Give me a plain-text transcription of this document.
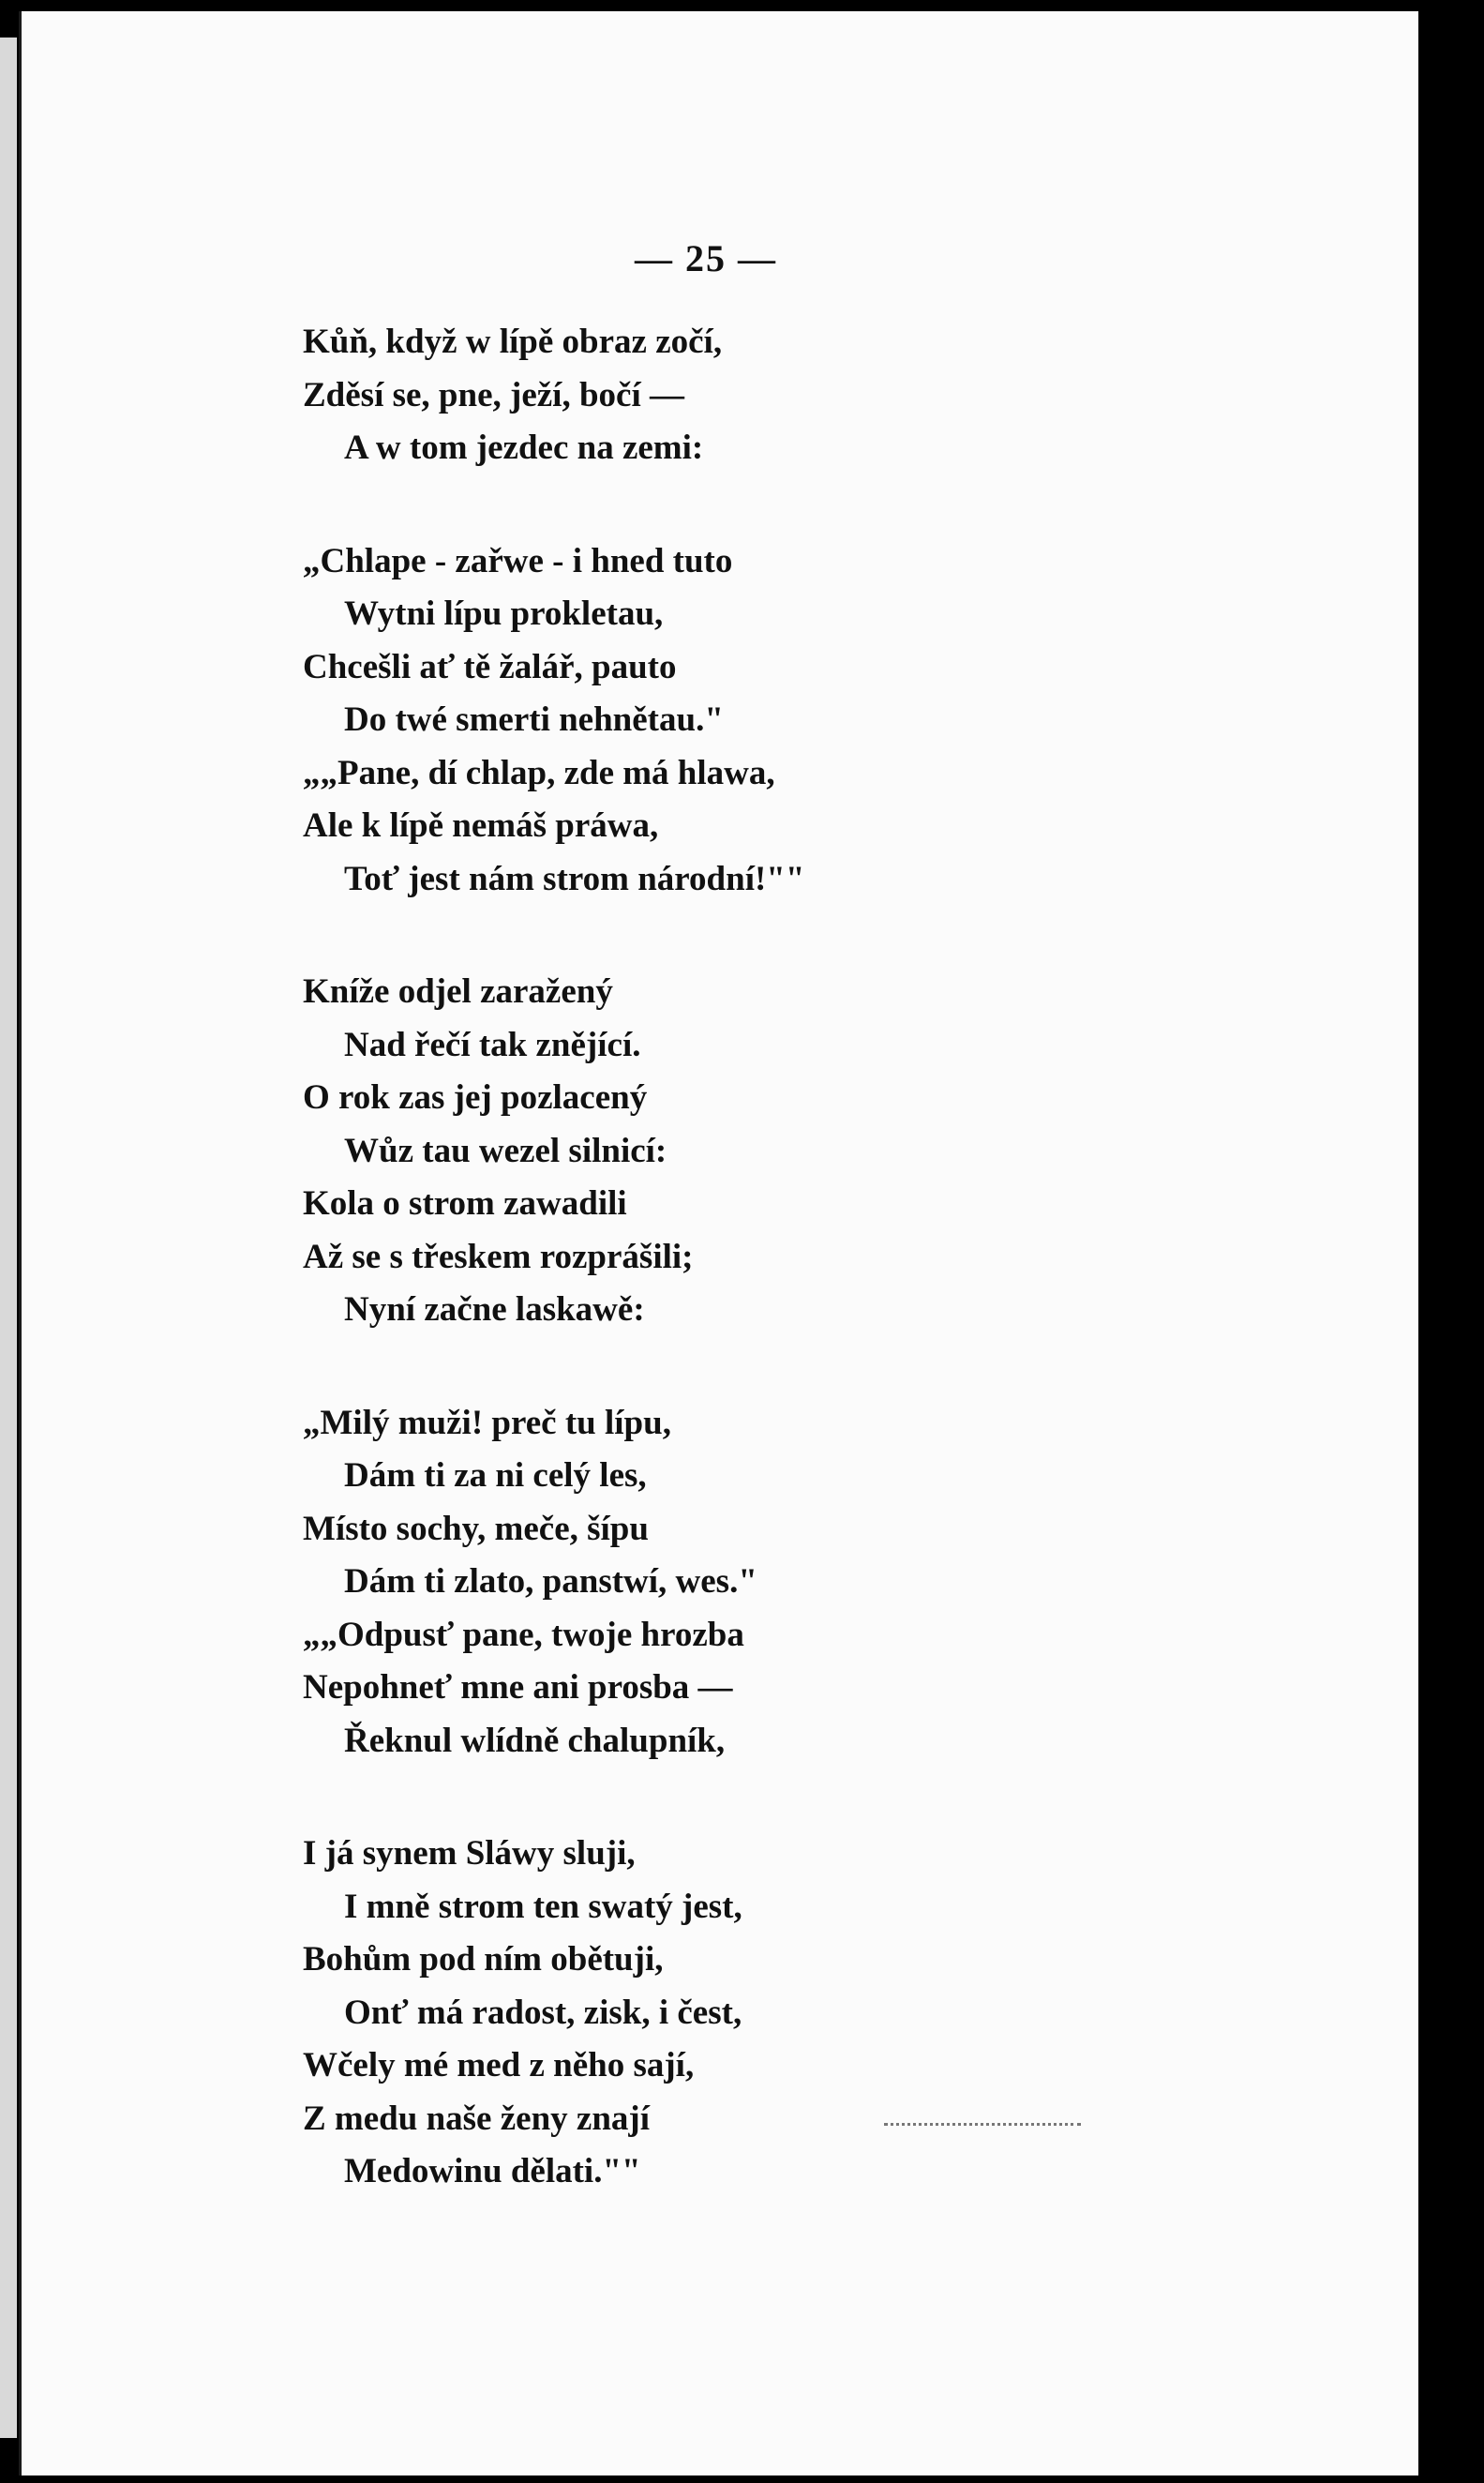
— 25 —
Kůň, když w lípě obraz zočí,
Zděsí se, pne, ježí, bočí —
A w tom jezdec na zemi:
„Chlape - zařwe - i hned tuto
Wytni lípu prokletau,
Chcešli ať tě žalář, pauto
Do twé smerti nehnětau."
„„Pane, dí chlap, zde má hlawa,
Ale k lípě nemáš práwa,
Toť jest nám strom národní!""
Kníže odjel zaražený
Nad řečí tak znějící.
O rok zas jej pozlacený
Wůz tau wezel silnicí:
Kola o strom zawadili
Až se s třeskem rozprášili;
Nyní začne laskawě:
„Milý muži! preč tu lípu,
Dám ti za ni celý les,
Místo sochy, meče, šípu
Dám ti zlato, panstwí, wes."
„„Odpusť pane, twoje hrozba
Nepohneť mne ani prosba —
Řeknul wlídně chalupník,
I já synem Sláwy sluji,
I mně strom ten swatý jest,
Bohům pod ním obětuji,
Onť má radost, zisk, i čest,
Wčely mé med z něho sají,
Z medu naše ženy znají
Medowinu dělati.""
